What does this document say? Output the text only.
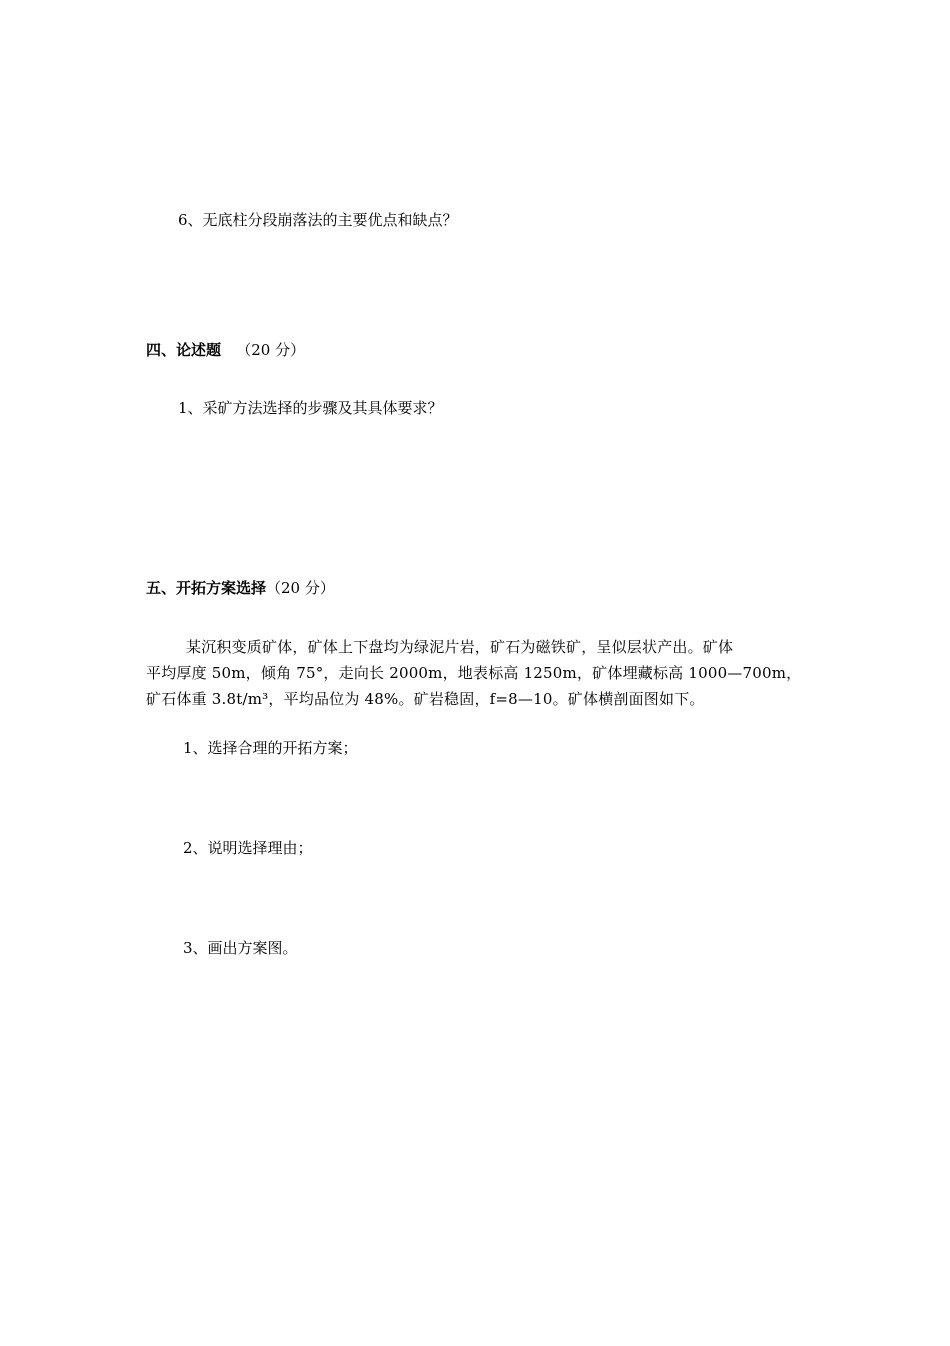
6、无底柱分段崩落法的主要优点和缺点？

四、论述题 （20 分）

1、采矿方法选择的步骤及其具体要求？

五、开拓方案选择（20 分）

某沉积变质矿体，矿体上下盘均为绿泥片岩，矿石为磁铁矿，呈似层状产出。矿体

平均厚度 50m，倾角 75°，走向长 2000m，地表标高 1250m，矿体埋藏标高 1000—700m，

矿石体重 3.8t/m³，平均品位为 48%。矿岩稳固，f=8—10。矿体横剖面图如下。

1、选择合理的开拓方案；

2、说明选择理由；

3、画出方案图。
